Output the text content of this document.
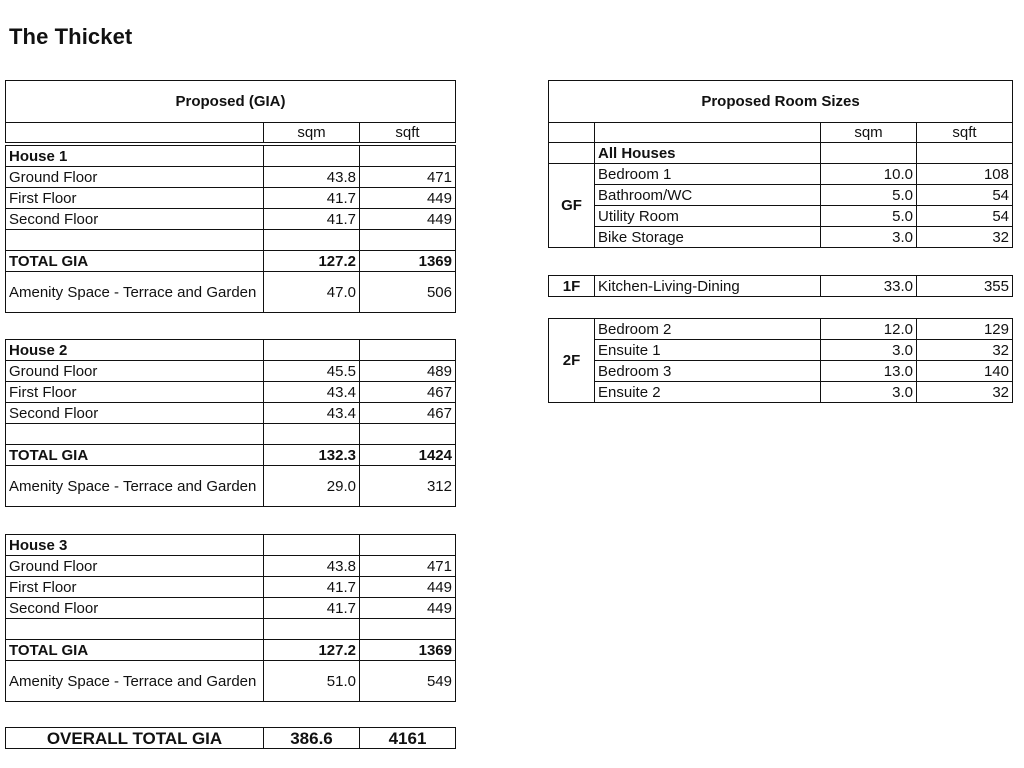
The Thicket
Proposed (GIA)
	sqm	sqft
House 1		
Ground Floor	43.8	471
First Floor	41.7	449
Second Floor	41.7	449

TOTAL GIA	127.2	1369
Amenity Space - Terrace and Garden	47.0	506
House 2		
Ground Floor	45.5	489
First Floor	43.4	467
Second Floor	43.4	467

TOTAL GIA	132.3	1424
Amenity Space - Terrace and Garden	29.0	312
House 3		
Ground Floor	43.8	471
First Floor	41.7	449
Second Floor	41.7	449

TOTAL GIA	127.2	1369
Amenity Space - Terrace and Garden	51.0	549
OVERALL TOTAL GIA	386.6	4161
Proposed Room Sizes			
		sqm	sqft
	All Houses		
GF	Bedroom 1	10.0	108
	Bathroom/WC	5.0	54
	Utility Room	5.0	54
	Bike Storage	3.0	32
1F	Kitchen-Living-Dining	33.0	355
2F	Bedroom 2	12.0	129
	Ensuite 1	3.0	32
	Bedroom 3	13.0	140
	Ensuite 2	3.0	32
